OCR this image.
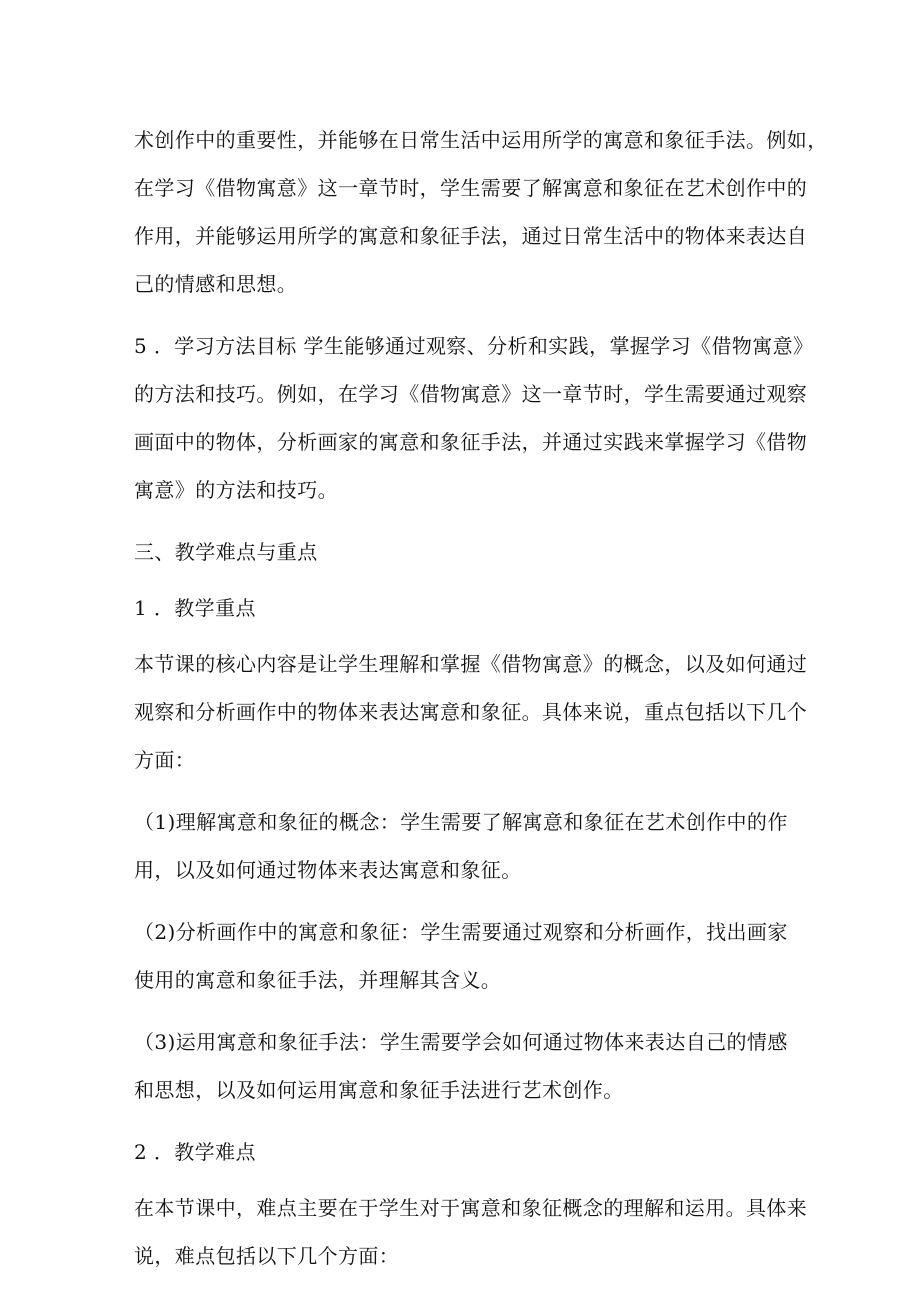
术创作中的重要性，并能够在日常生活中运用所学的寓意和象征手法。例如，
在学习《借物寓意》这一章节时，学生需要了解寓意和象征在艺术创作中的
作用，并能够运用所学的寓意和象征手法，通过日常生活中的物体来表达自
己的情感和思想。
5 ．学习方法目标 学生能够通过观察、分析和实践，掌握学习《借物寓意》
的方法和技巧。例如，在学习《借物寓意》这一章节时，学生需要通过观察
画面中的物体，分析画家的寓意和象征手法，并通过实践来掌握学习《借物
寓意》的方法和技巧。
三、教学难点与重点
1 ．教学重点
本节课的核心内容是让学生理解和掌握《借物寓意》的概念，以及如何通过
观察和分析画作中的物体来表达寓意和象征。具体来说，重点包括以下几个
方面：
（1)理解寓意和象征的概念：学生需要了解寓意和象征在艺术创作中的作
用，以及如何通过物体来表达寓意和象征。
（2)分析画作中的寓意和象征：学生需要通过观察和分析画作，找出画家
使用的寓意和象征手法，并理解其含义。
（3)运用寓意和象征手法：学生需要学会如何通过物体来表达自己的情感
和思想，以及如何运用寓意和象征手法进行艺术创作。
2 ．教学难点
在本节课中，难点主要在于学生对于寓意和象征概念的理解和运用。具体来
说，难点包括以下几个方面：
